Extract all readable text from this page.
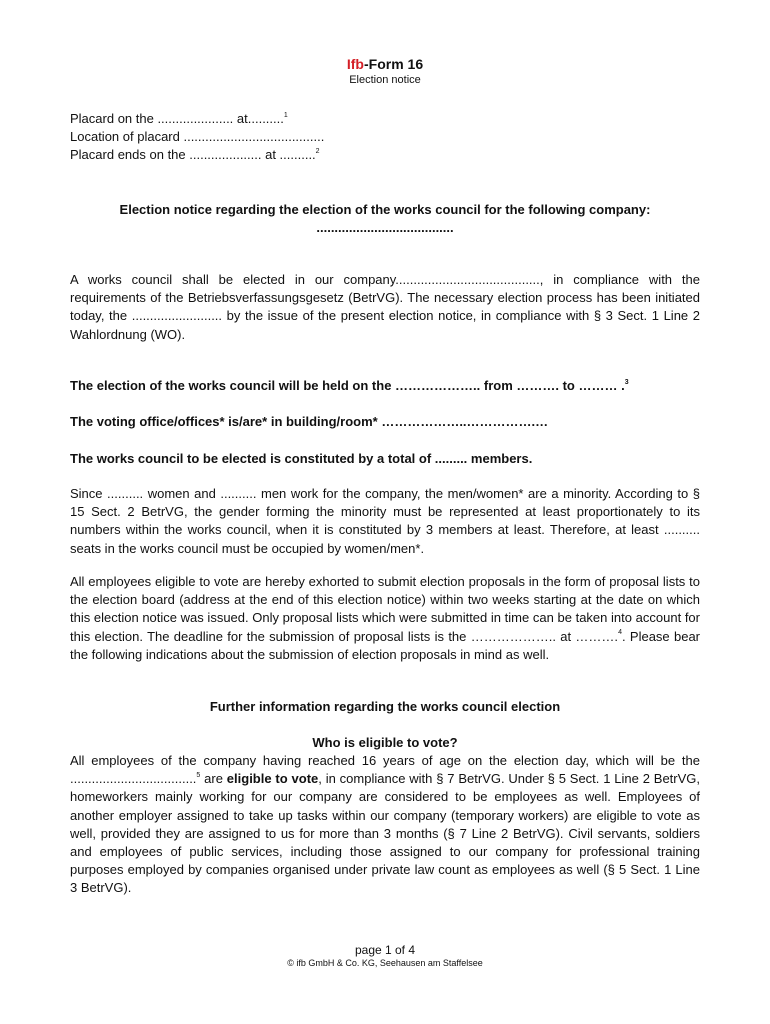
Ifb-Form 16
Election notice
Placard on the ..................... at..........$^1$
Location of placard .......................................
Placard ends on the .................... at ..........$^2$
Election notice regarding the election of the works council for the following company:
......................................
A works council shall be elected in our company........................................, in compliance with the requirements of the Betriebsverfassungsgesetz (BetrVG). The necessary election process has been initiated today, the ......................... by the issue of the present election notice, in compliance with § 3 Sect. 1 Line 2 Wahlordnung (WO).
The election of the works council will be held on the ……………….. from ………. to ……… .$^3$
The voting office/offices* is/are* in building/room* ………………..…………….…
The works council to be elected is constituted by a total of ......... members.
Since .......... women and .......... men work for the company, the men/women* are a minority. According to § 15 Sect. 2 BetrVG, the gender forming the minority must be represented at least proportionately to its numbers within the works council, when it is constituted by 3 members at least. Therefore, at least .......... seats in the works council must be occupied by women/men*.
All employees eligible to vote are hereby exhorted to submit election proposals in the form of proposal lists to the election board (address at the end of this election notice) within two weeks starting at the date on which this election notice was issued. Only proposal lists which were submitted in time can be taken into account for this election. The deadline for the submission of proposal lists is the ……………….. at ……….$^4$. Please bear the following indications about the submission of election proposals in mind as well.
Further information regarding the works council election
Who is eligible to vote?
All employees of the company having reached 16 years of age on the election day, which will be the ...................................$^5$ are eligible to vote, in compliance with § 7 BetrVG. Under § 5 Sect. 1 Line 2 BetrVG, homeworkers mainly working for our company are considered to be employees as well. Employees of another employer assigned to take up tasks within our company (temporary workers) are eligible to vote as well, provided they are assigned to us for more than 3 months (§ 7 Line 2 BetrVG). Civil servants, soldiers and employees of public services, including those assigned to our company for professional training purposes employed by companies organised under private law count as employees as well (§ 5 Sect. 1 Line 3 BetrVG).
page 1 of 4
© ifb GmbH & Co. KG, Seehausen am Staffelsee
